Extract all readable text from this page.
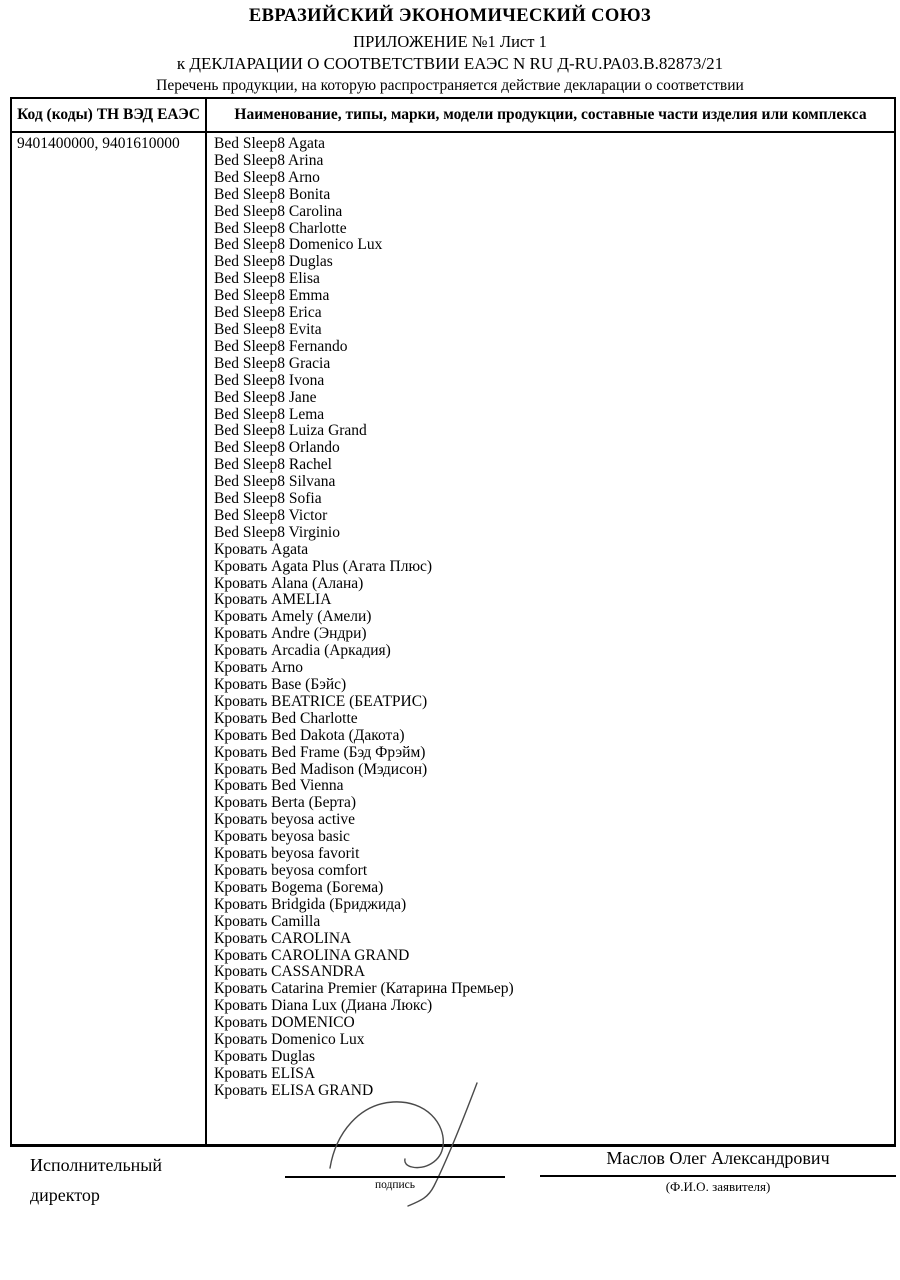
ЕВРАЗИЙСКИЙ ЭКОНОМИЧЕСКИЙ СОЮЗ
ПРИЛОЖЕНИЕ №1 Лист 1
к ДЕКЛАРАЦИИ О СООТВЕТСТВИИ ЕАЭС N RU Д-RU.РА03.В.82873/21
Перечень продукции, на которую распространяется действие декларации о соответствии
Код (коды) ТН ВЭД ЕАЭС	Наименование, типы, марки, модели продукции, составные части изделия или комплекса
9401400000, 9401610000	Bed Sleep8 Agata
Bed Sleep8 Arina
Bed Sleep8 Arno
Bed Sleep8 Bonita
Bed Sleep8 Carolina
Bed Sleep8 Charlotte
Bed Sleep8 Domenico Lux
Bed Sleep8 Duglas
Bed Sleep8 Elisa
Bed Sleep8 Emma
Bed Sleep8 Erica
Bed Sleep8 Evita
Bed Sleep8 Fernando
Bed Sleep8 Gracia
Bed Sleep8 Ivona
Bed Sleep8 Jane
Bed Sleep8 Lema
Bed Sleep8 Luiza Grand
Bed Sleep8 Orlando
Bed Sleep8 Rachel
Bed Sleep8 Silvana
Bed Sleep8 Sofia
Bed Sleep8 Victor
Bed Sleep8 Virginio
Кровать Agata
Кровать Agata Plus (Агата Плюс)
Кровать Alana (Алана)
Кровать AMELIA
Кровать Amely (Амели)
Кровать Andre (Эндри)
Кровать Arcadia (Аркадия)
Кровать Arno
Кровать Base (Бэйс)
Кровать BEATRICE (БЕАТРИС)
Кровать Bed Charlotte
Кровать Bed Dakota (Дакота)
Кровать Bed Frame (Бэд Фрэйм)
Кровать Bed Madison (Мэдисон)
Кровать Bed Vienna
Кровать Berta (Берта)
Кровать beyosa active
Кровать beyosa basic
Кровать beyosa favorit
Кровать beyosa comfort
Кровать Bogema (Богема)
Кровать Bridgida (Бриджида)
Кровать Camilla
Кровать CAROLINA
Кровать CAROLINA GRAND
Кровать CASSANDRA
Кровать Catarina Premier (Катарина Премьер)
Кровать Diana Lux (Диана Люкс)
Кровать DOMENICO
Кровать Domenico Lux
Кровать Duglas
Кровать ELISA
Кровать ELISA GRAND
Исполнительный директор	подпись
Маслов Олег Александрович
(Ф.И.О. заявителя)
